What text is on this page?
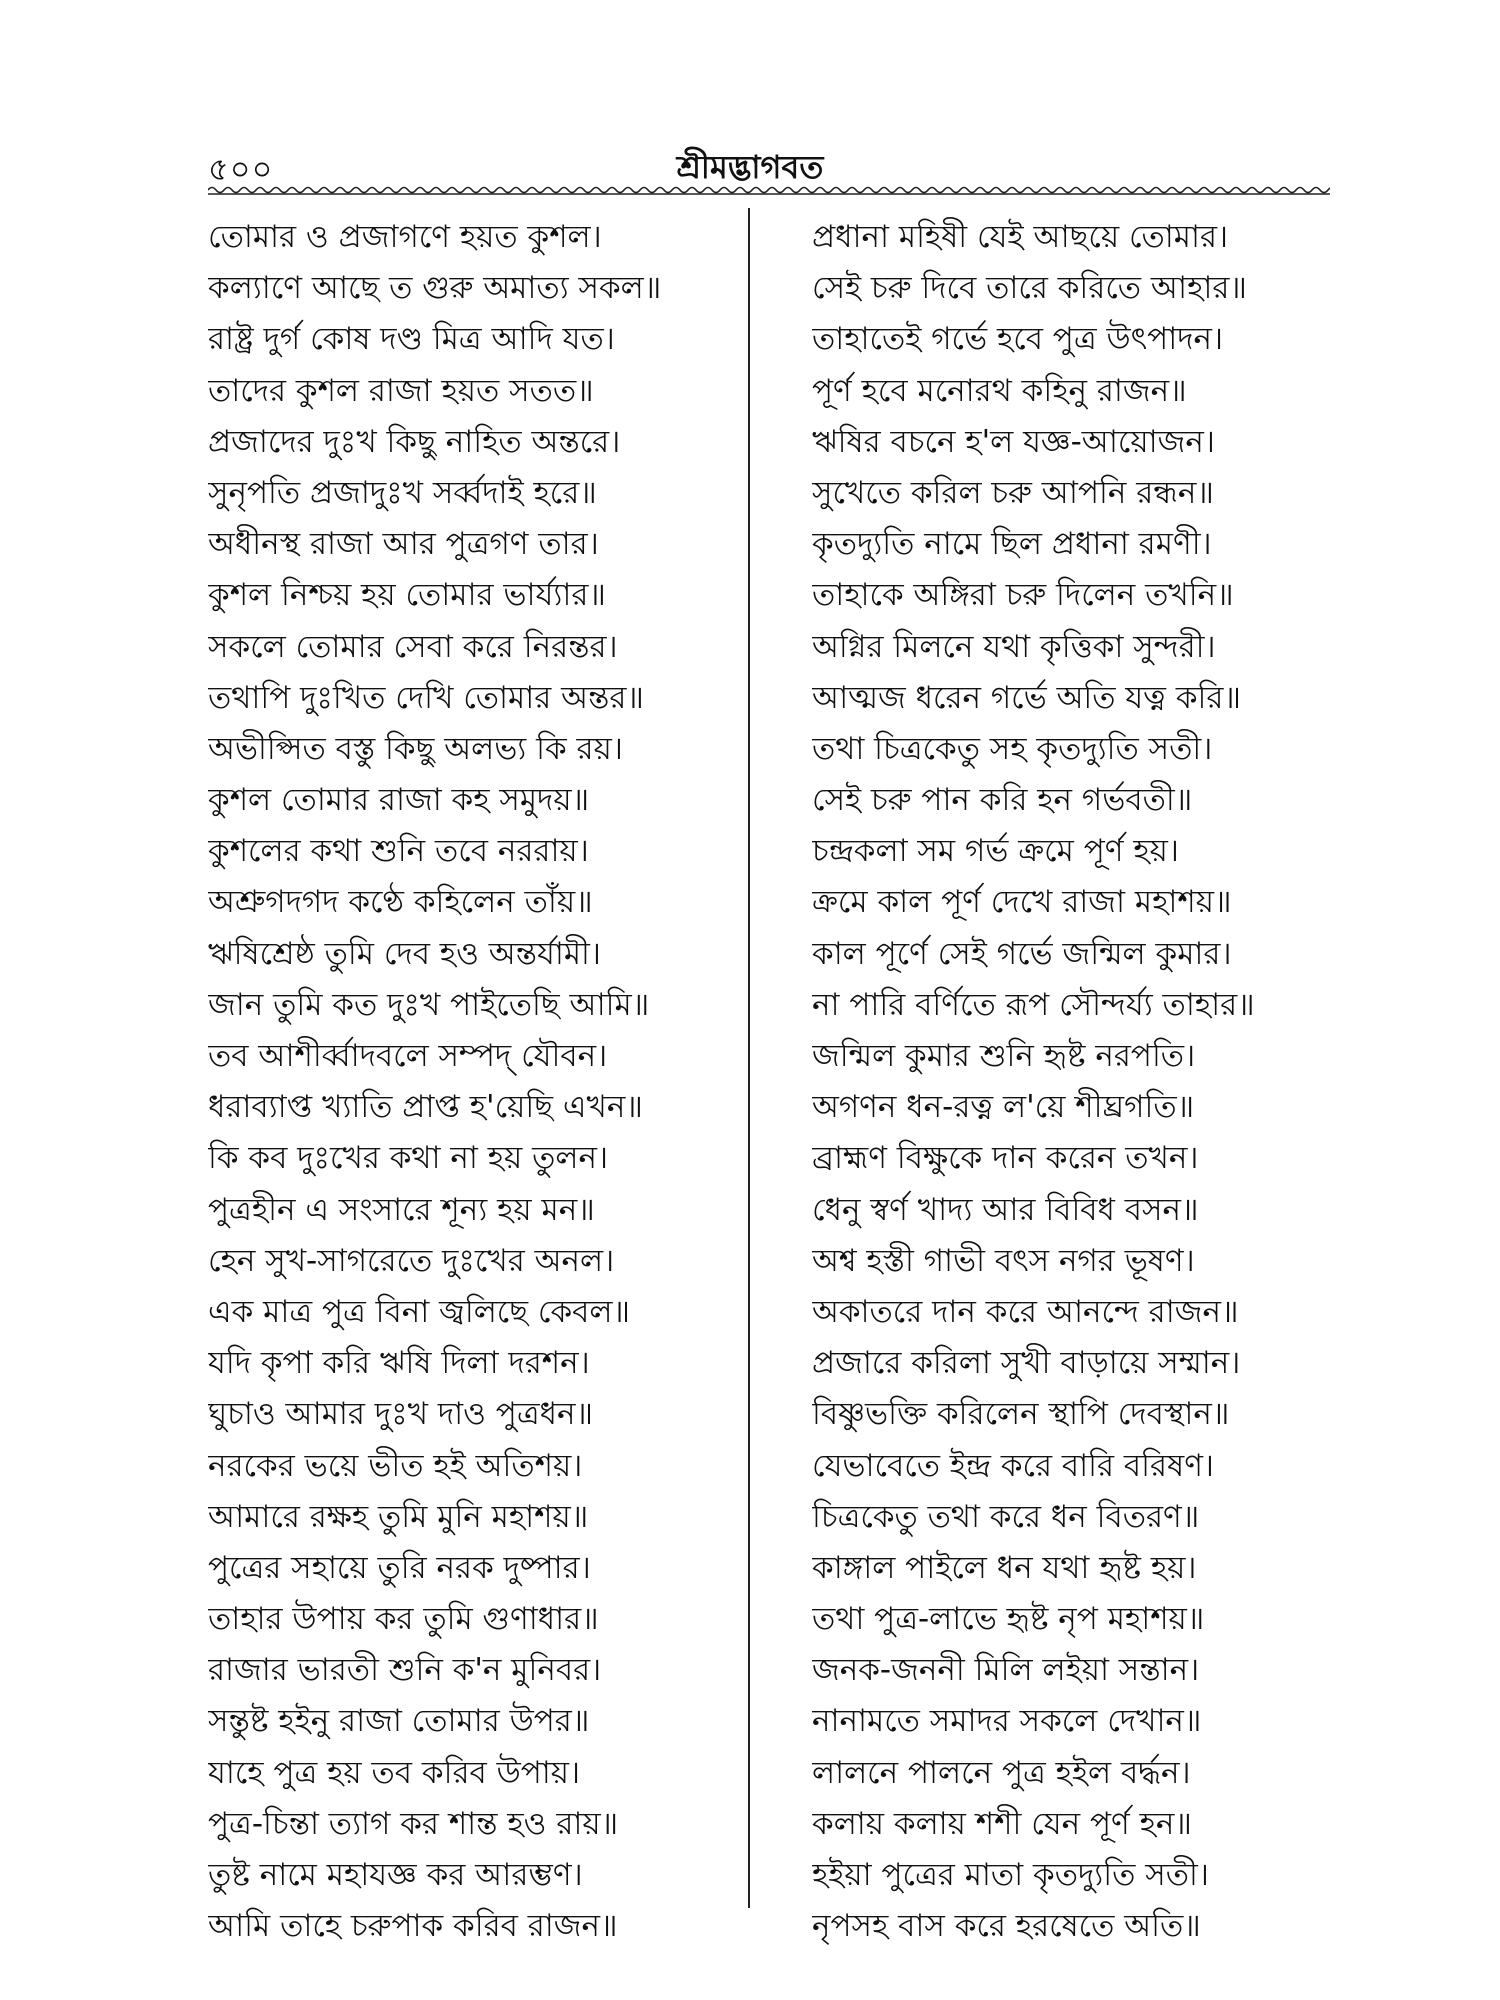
৫০০	শ্রীমদ্ভাগবত
তোমার ও প্রজাগণে হয়ত কুশল।
কল্যাণে আছে ত গুরু অমাত্য সকল॥
রাষ্ট্র দুর্গ কোষ দণ্ড মিত্র আদি যত।
তাদের কুশল রাজা হয়ত সতত॥
প্রজাদের দুঃখ কিছু নাহিত অন্তরে।
সুনৃপতি প্রজাদুঃখ সর্ব্বদাই হরে॥
অধীনস্থ রাজা আর পুত্রগণ তার।
কুশল নিশ্চয় হয় তোমার ভার্য্যার॥
সকলে তোমার সেবা করে নিরন্তর।
তথাপি দুঃখিত দেখি তোমার অন্তর॥
অভীপ্সিত বস্তু কিছু অলভ্য কি রয়।
কুশল তোমার রাজা কহ সমুদয়॥
কুশলের কথা শুনি তবে নররায়।
অশ্রুগদগদ কণ্ঠে কহিলেন তাঁয়॥
ঋষিশ্রেষ্ঠ তুমি দেব হও অন্তর্যামী।
জান তুমি কত দুঃখ পাইতেছি আমি॥
তব আশীর্ব্বাদবলে সম্পদ্ যৌবন।
ধরাব্যাপ্ত খ্যাতি প্রাপ্ত হ'য়েছি এখন॥
কি কব দুঃখের কথা না হয় তুলন।
পুত্রহীন এ সংসারে শূন্য হয় মন॥
হেন সুখ-সাগরেতে দুঃখের অনল।
এক মাত্র পুত্র বিনা জ্বলিছে কেবল॥
যদি কৃপা করি ঋষি দিলা দরশন।
ঘুচাও আমার দুঃখ দাও পুত্রধন॥
নরকের ভয়ে ভীত হই অতিশয়।
আমারে রক্ষহ তুমি মুনি মহাশয়॥
পুত্রের সহায়ে তুরি নরক দুষ্পার।
তাহার উপায় কর তুমি গুণাধার॥
রাজার ভারতী শুনি ক'ন মুনিবর।
সন্তুষ্ট হইনু রাজা তোমার উপর॥
যাহে পুত্র হয় তব করিব উপায়।
পুত্র-চিন্তা ত্যাগ কর শান্ত হও রায়॥
তুষ্ট নামে মহাযজ্ঞ কর আরম্ভণ।
আমি তাহে চরুপাক করিব রাজন॥
প্রধানা মহিষী যেই আছয়ে তোমার।
সেই চরু দিবে তারে করিতে আহার॥
তাহাতেই গর্ভে হবে পুত্র উৎপাদন।
পূর্ণ হবে মনোরথ কহিনু রাজন॥
ঋষির বচনে হ'ল যজ্ঞ-আয়োজন।
সুখেতে করিল চরু আপনি রন্ধন॥
কৃতদ্যুতি নামে ছিল প্রধানা রমণী।
তাহাকে অঙ্গিরা চরু দিলেন তখনি॥
অগ্নির মিলনে যথা কৃত্তিকা সুন্দরী।
আত্মজ ধরেন গর্ভে অতি যত্ন করি॥
তথা চিত্রকেতু সহ কৃতদ্যুতি সতী।
সেই চরু পান করি হন গর্ভবতী॥
চন্দ্রকলা সম গর্ভ ক্রমে পূর্ণ হয়।
ক্রমে কাল পূর্ণ দেখে রাজা মহাশয়॥
কাল পূর্ণে সেই গর্ভে জন্মিল কুমার।
না পারি বর্ণিতে রূপ সৌন্দর্য্য তাহার॥
জন্মিল কুমার শুনি হৃষ্ট নরপতি।
অগণন ধন-রত্ন ল'য়ে শীঘ্রগতি॥
ব্রাহ্মণ বিক্ষুকে দান করেন তখন।
ধেনু স্বর্ণ খাদ্য আর বিবিধ বসন॥
অশ্ব হস্তী গাভী বৎস নগর ভূষণ।
অকাতরে দান করে আনন্দে রাজন॥
প্রজারে করিলা সুখী বাড়ায়ে সম্মান।
বিষ্ণুভক্তি করিলেন স্থাপি দেবস্থান॥
যেভাবেতে ইন্দ্র করে বারি বরিষণ।
চিত্রকেতু তথা করে ধন বিতরণ॥
কাঙ্গাল পাইলে ধন যথা হৃষ্ট হয়।
তথা পুত্র-লাভে হৃষ্ট নৃপ মহাশয়॥
জনক-জননী মিলি লইয়া সন্তান।
নানামতে সমাদর সকলে দেখান॥
লালনে পালনে পুত্র হইল বর্দ্ধন।
কলায় কলায় শশী যেন পূর্ণ হন॥
হইয়া পুত্রের মাতা কৃতদ্যুতি সতী।
নৃপসহ বাস করে হরষেতে অতি॥
